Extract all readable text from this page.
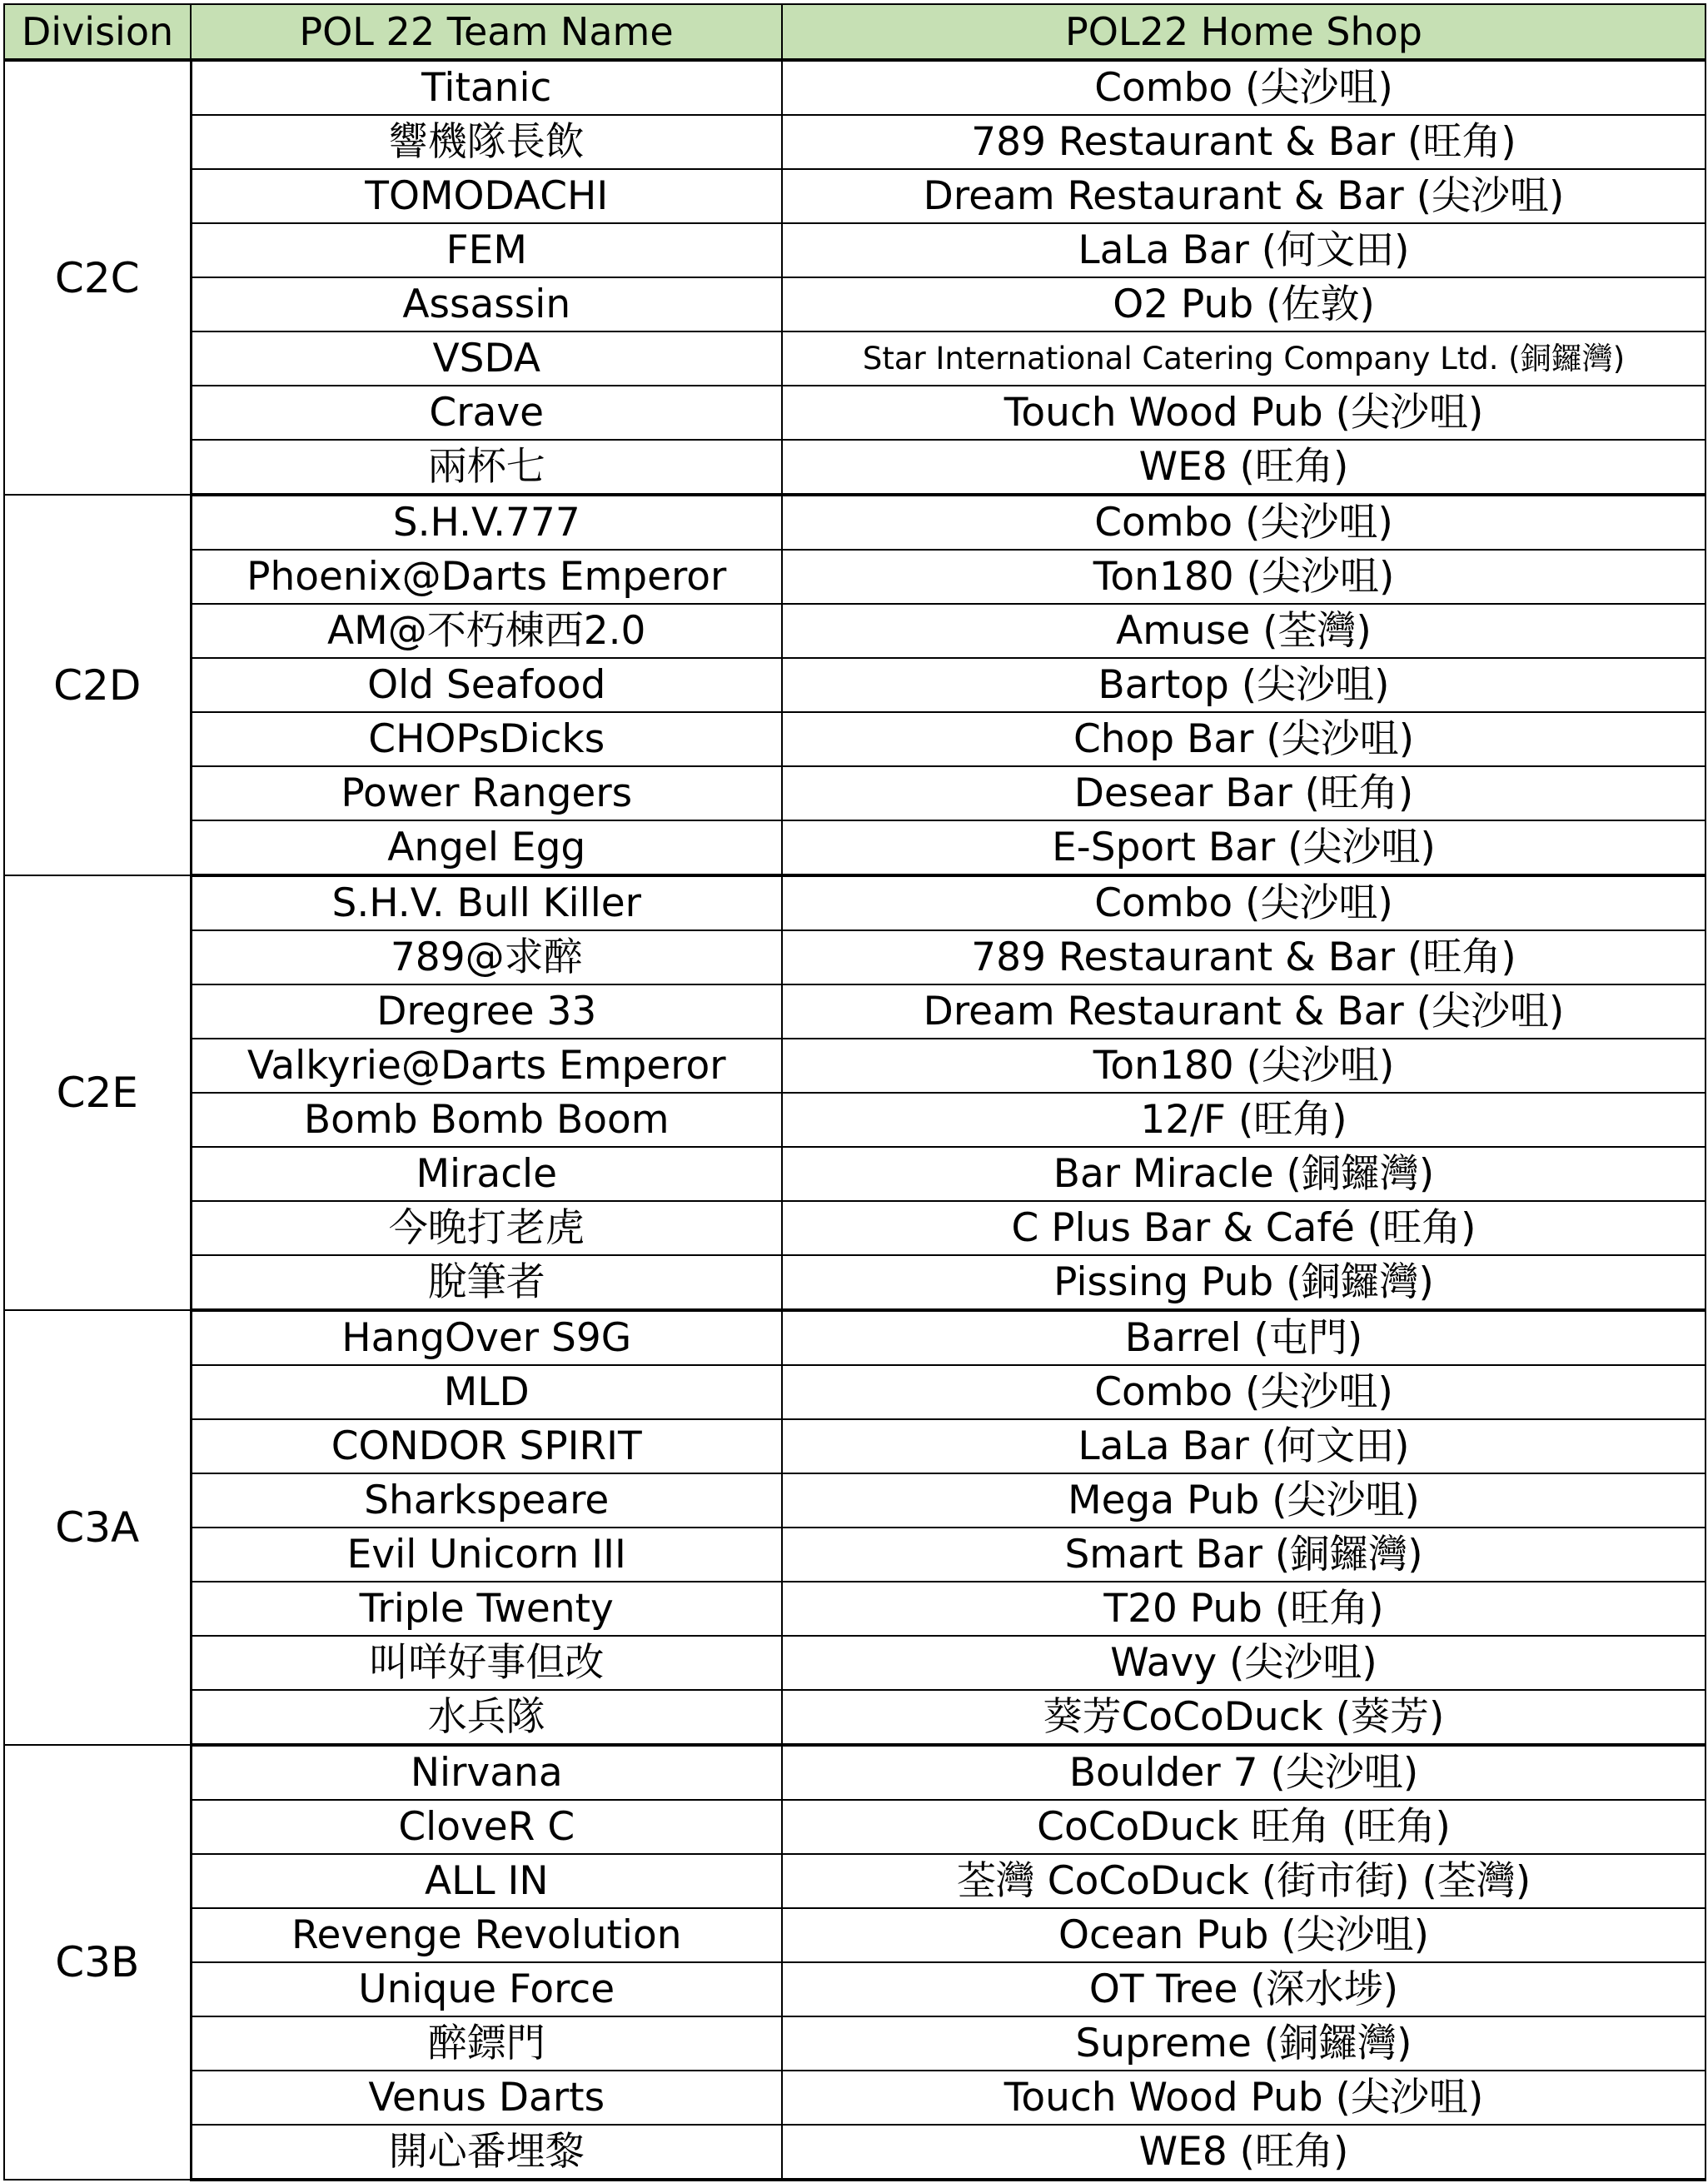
Division	POL 22 Team Name	POL22 Home Shop
C2C	Titanic	Combo (尖沙咀)
	響機隊長飲	789 Restaurant & Bar (旺角)
	TOMODACHI	Dream Restaurant & Bar (尖沙咀)
	FEM	LaLa Bar (何文田)
	Assassin	O2 Pub (佐敦)
	VSDA	Star International Catering Company Ltd. (銅鑼灣)
	Crave	Touch Wood Pub (尖沙咀)
	兩杯七	WE8 (旺角)
C2D	S.H.V.777	Combo (尖沙咀)
	Phoenix@Darts Emperor	Ton180 (尖沙咀)
	AM@不朽棟西2.0	Amuse (荃灣)
	Old Seafood	Bartop (尖沙咀)
	CHOPsDicks	Chop Bar (尖沙咀)
	Power Rangers	Desear Bar (旺角)
	Angel Egg	E-Sport Bar (尖沙咀)
C2E	S.H.V. Bull Killer	Combo (尖沙咀)
	789@求醉	789 Restaurant & Bar (旺角)
	Dregree 33	Dream Restaurant & Bar (尖沙咀)
	Valkyrie@Darts Emperor	Ton180 (尖沙咀)
	Bomb Bomb Boom	12/F (旺角)
	Miracle	Bar Miracle (銅鑼灣)
	今晚打老虎	C Plus Bar & Café (旺角)
	脫筆者	Pissing Pub (銅鑼灣)
C3A	HangOver S9G	Barrel (屯門)
	MLD	Combo (尖沙咀)
	CONDOR SPIRIT	LaLa Bar (何文田)
	Sharkspeare	Mega Pub (尖沙咀)
	Evil Unicorn III	Smart Bar (銅鑼灣)
	Triple Twenty	T20 Pub (旺角)
	叫咩好事但改	Wavy (尖沙咀)
	水兵隊	葵芳CoCoDuck (葵芳)
C3B	Nirvana	Boulder 7 (尖沙咀)
	CloveR C	CoCoDuck 旺角 (旺角)
	ALL IN	荃灣 CoCoDuck (街市街) (荃灣)
	Revenge Revolution	Ocean Pub (尖沙咀)
	Unique Force	OT Tree (深水埗)
	醉鏢門	Supreme (銅鑼灣)
	Venus Darts	Touch Wood Pub (尖沙咀)
	開心番埋黎	WE8 (旺角)
